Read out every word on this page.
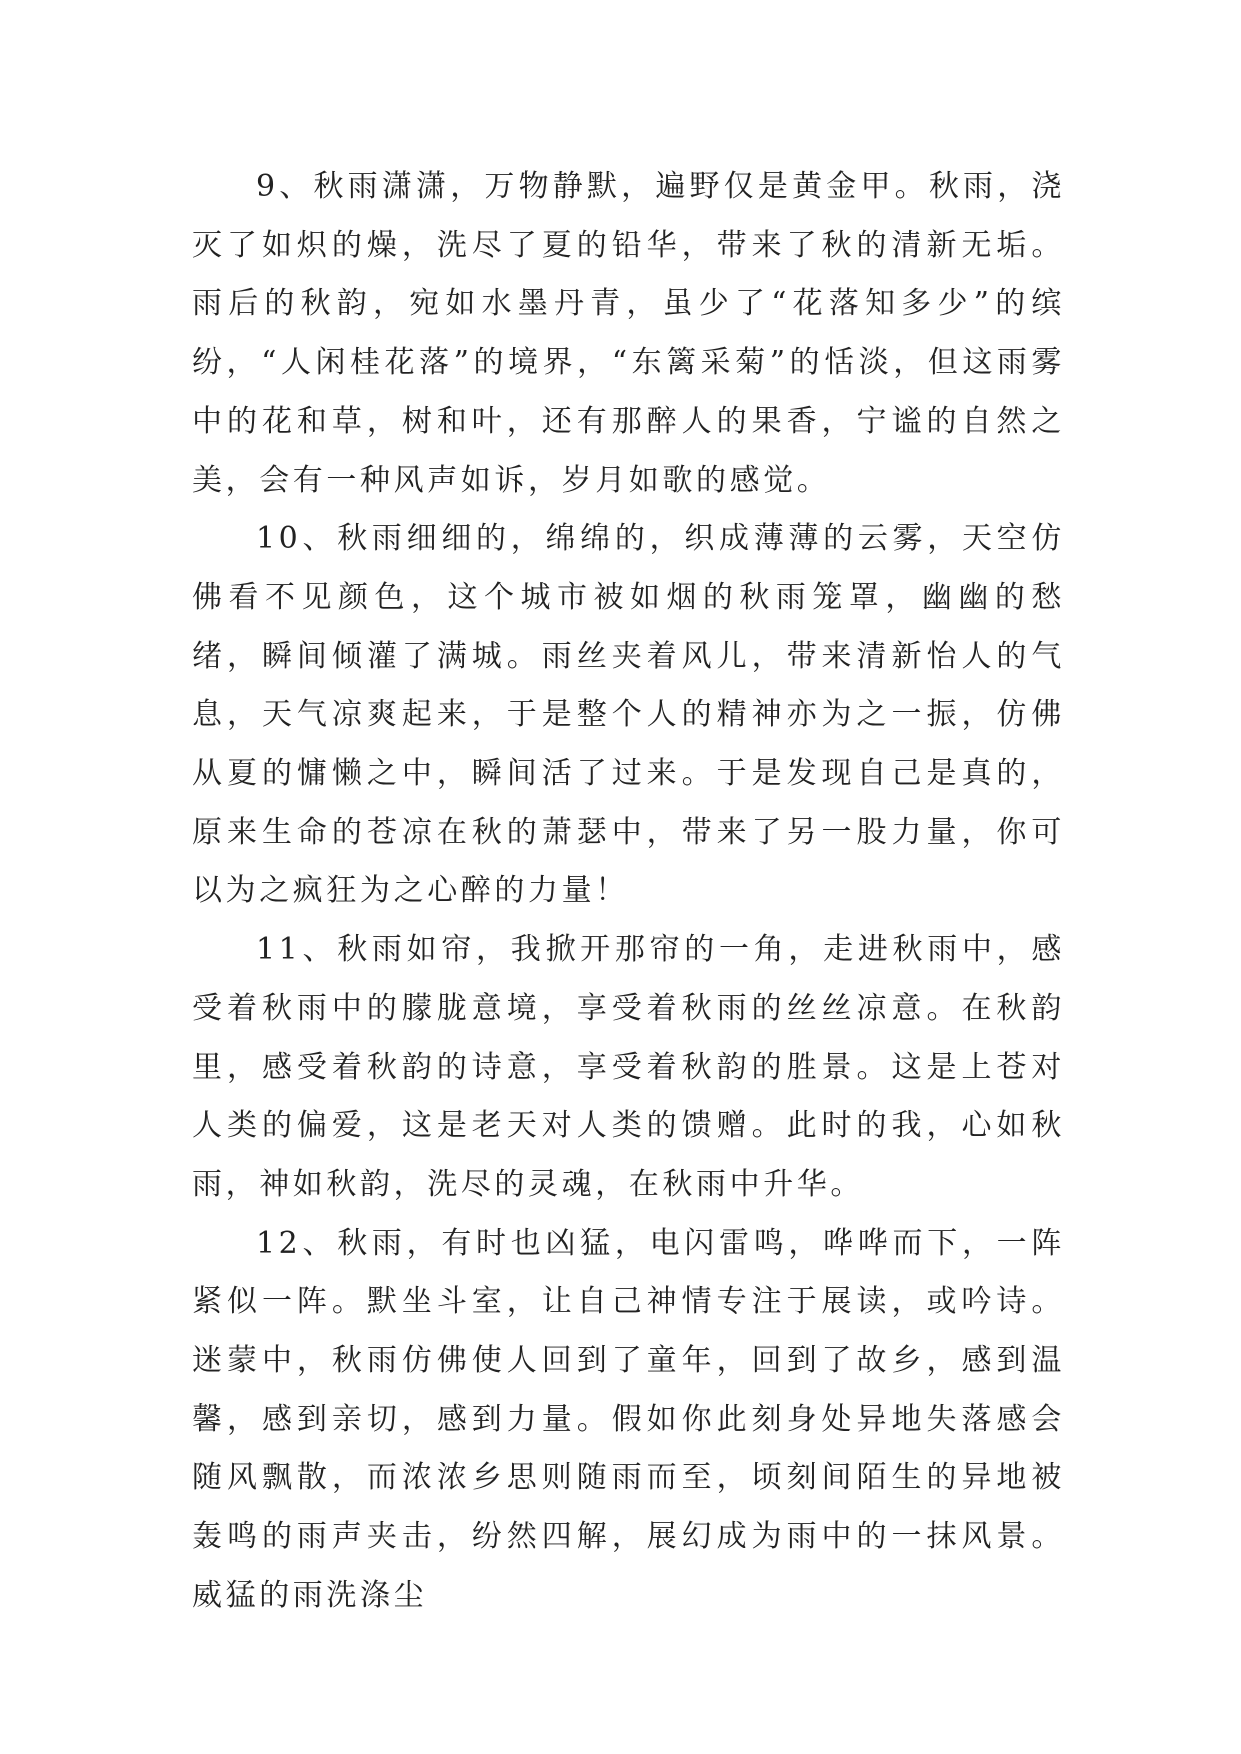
9、秋雨潇潇，万物静默，遍野仅是黄金甲。秋雨，浇灭了如炽的燥，洗尽了夏的铅华，带来了秋的清新无垢。雨后的秋韵，宛如水墨丹青，虽少了“花落知多少”的缤纷，“人闲桂花落”的境界，“东篱采菊”的恬淡，但这雨雾中的花和草，树和叶，还有那醉人的果香，宁谧的自然之美，会有一种风声如诉，岁月如歌的感觉。

10、秋雨细细的，绵绵的，织成薄薄的云雾，天空仿佛看不见颜色，这个城市被如烟的秋雨笼罩，幽幽的愁绪，瞬间倾灌了满城。雨丝夹着风儿，带来清新怡人的气息，天气凉爽起来，于是整个人的精神亦为之一振，仿佛从夏的慵懒之中，瞬间活了过来。于是发现自己是真的，原来生命的苍凉在秋的萧瑟中，带来了另一股力量，你可以为之疯狂为之心醉的力量！

11、秋雨如帘，我掀开那帘的一角，走进秋雨中，感受着秋雨中的朦胧意境，享受着秋雨的丝丝凉意。在秋韵里，感受着秋韵的诗意，享受着秋韵的胜景。这是上苍对人类的偏爱，这是老天对人类的馈赠。此时的我，心如秋雨，神如秋韵，洗尽的灵魂，在秋雨中升华。

12、秋雨，有时也凶猛，电闪雷鸣，哗哗而下，一阵紧似一阵。默坐斗室，让自己神情专注于展读，或吟诗。迷蒙中，秋雨仿佛使人回到了童年，回到了故乡，感到温馨，感到亲切，感到力量。假如你此刻身处异地失落感会随风飘散，而浓浓乡思则随雨而至，顷刻间陌生的异地被轰鸣的雨声夹击，纷然四解，展幻成为雨中的一抹风景。威猛的雨洗涤尘
